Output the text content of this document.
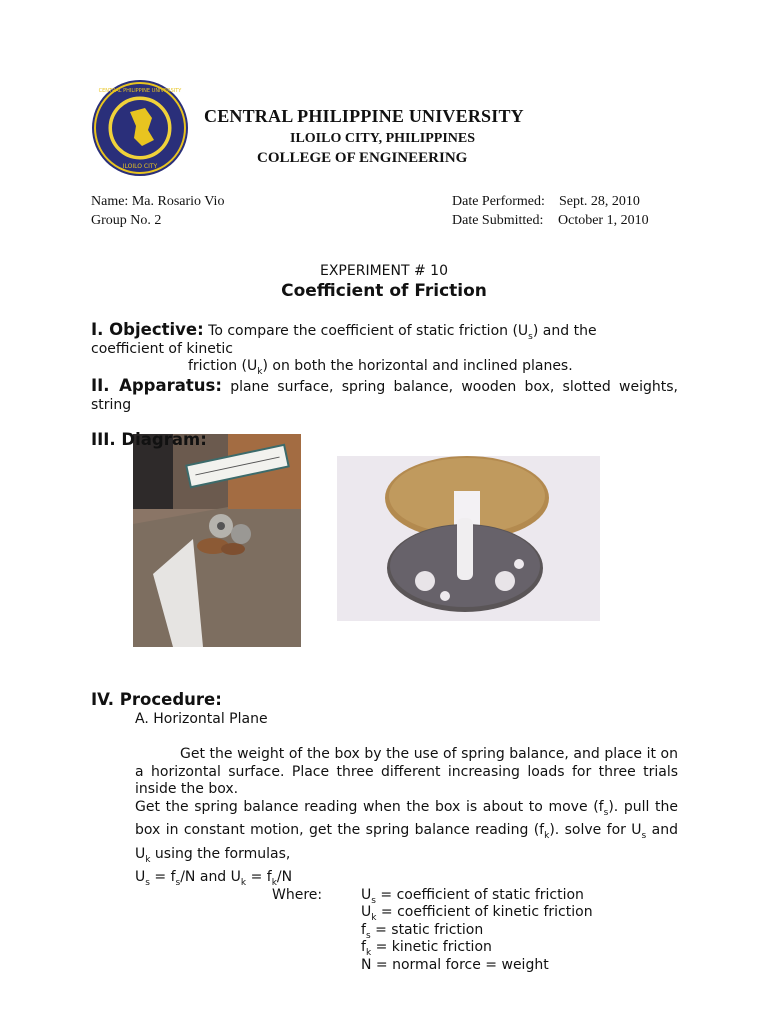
ILOILO CITY
CENTRAL PHILIPPINE UNIVERSITY
1905
CENTRAL PHILIPPINE UNIVERSITY
ILOILO CITY, PHILIPPINES
COLLEGE OF ENGINEERING
Name: Ma. Rosario Vio
Group No. 2
Date Performed: Sept. 28, 2010
Date Submitted: October 1, 2010
EXPERIMENT # 10
Coefficient of Friction
I. Objective: To compare the coefficient of static friction $(U_s)$ and the
coefficient of kinetic
friction $(U_k)$ on both the horizontal and inclined planes.
II. Apparatus: plane surface, spring balance, wooden box, slotted weights, string
III. Diagram:
IV. Procedure:
A. Horizontal Plane
Get the weight of the box by the use of spring balance, and place it on a horizontal surface. Place three different increasing loads for three trials inside the box.
Get the spring balance reading when the box is about to move $(f_s)$. pull the box in constant motion, get the spring balance reading $(f_k)$. solve for $U_s$ and $U_k$ using the formulas,
$U_s = f_s/N$ and $U_k = f_k/N$
Where:	$U_s$ = coefficient of static friction
$U_k$ = coefficient of kinetic friction
$f_s$ = static friction
$f_k$ = kinetic friction
N = normal force = weight
